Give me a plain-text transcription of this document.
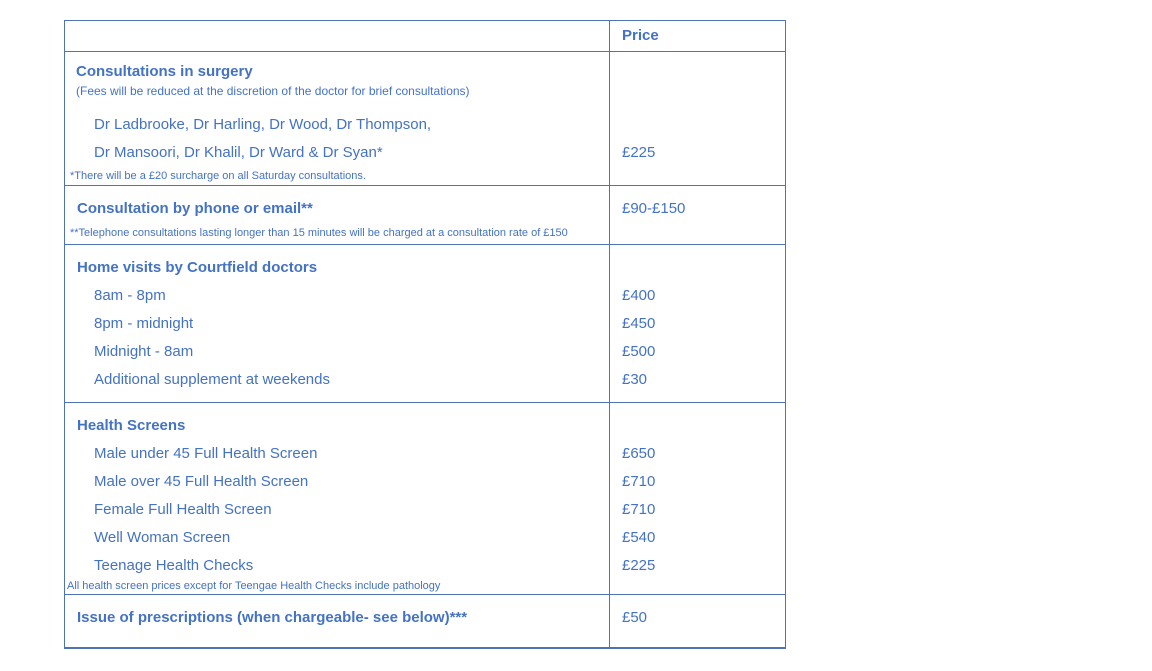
Price
Consultations in surgery
(Fees will be reduced at the discretion of the doctor for brief consultations)
Dr Ladbrooke, Dr Harling, Dr Wood, Dr Thompson,
Dr Mansoori, Dr Khalil, Dr Ward & Dr Syan*
*There will be a £20 surcharge on all Saturday consultations.
£225
Consultation by phone or email**
**Telephone consultations lasting longer than 15 minutes will be charged at a consultation rate of £150
£90-£150
Home visits by Courtfield doctors
8am - 8pm
8pm - midnight
Midnight - 8am
Additional supplement at weekends
£400
£450
£500
£30
Health Screens
Male under 45 Full Health Screen
Male over 45 Full Health Screen
Female Full Health Screen
Well Woman Screen
Teenage Health Checks
All health screen prices except for Teengae Health Checks include pathology
£650
£710
£710
£540
£225
Issue of prescriptions (when chargeable- see below)***	£50
